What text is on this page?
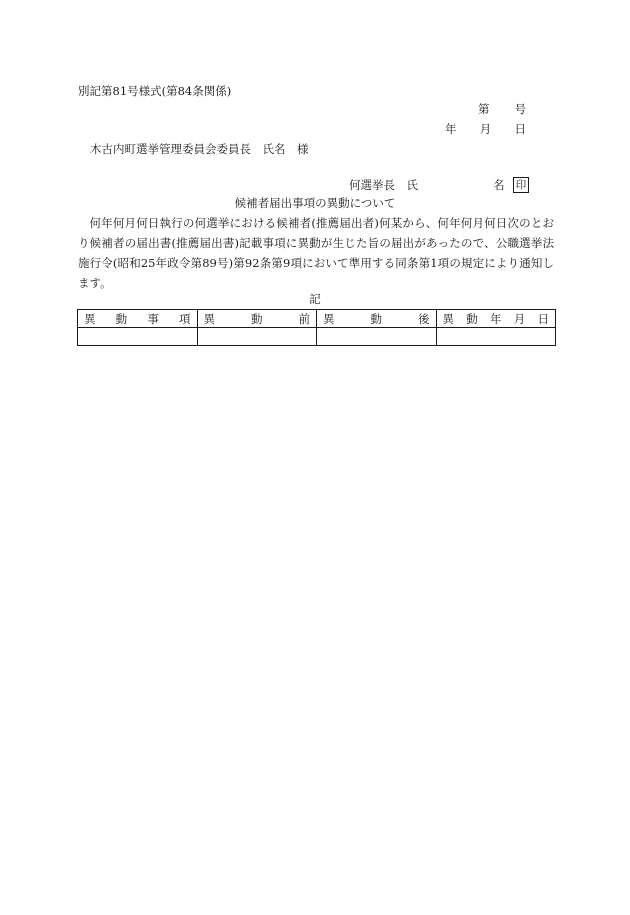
別記第81号様式(第84条関係)
第 号
年 月 日
木古内町選挙管理委員会委員長　氏名　様
何選挙長　氏	名 印
候補者届出事項の異動について
何年何月何日執行の何選挙における候補者(推薦届出者)何某から、何年何月何日次のとおり候補者の届出書(推薦届出書)記載事項に異動が生じた旨の届出があったので、公職選挙法施行令(昭和25年政令第89号)第92条第9項において準用する同条第1項の規定により通知します。
記
異動事項	異動前	異動後	異動年月日
